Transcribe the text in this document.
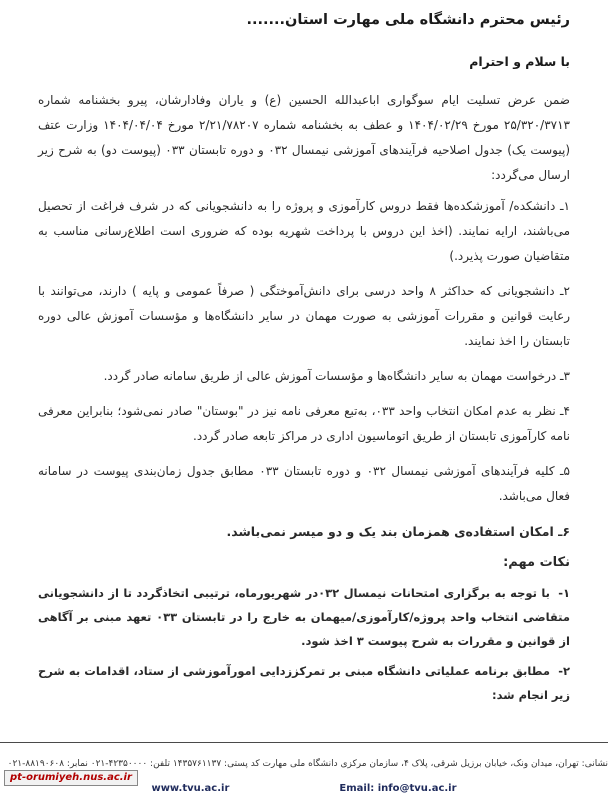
رئیس محترم دانشگاه ملی مهارت استان.......
با سلام و احترام

ضمن عرض تسلیت ایام سوگواری اباعبدالله الحسین (ع) و یاران وفادارشان، پیرو بخشنامه شماره ۲۵/۳۲۰/۳۷۱۳ مورخ ۱۴۰۴/۰۲/۲۹ و عطف به بخشنامه شماره ۲/۲۱/۷۸۲۰۷ مورخ ۱۴۰۴/۰۴/۰۴ وزارت عتف (پیوست یک) جدول اصلاحیه فرآیندهای آموزشی نیمسال ۰۳۲ و دوره تابستان ۰۳۳ (پیوست دو) به شرح زیر ارسال می‌گردد:

۱ـ دانشکده/ آموزشکده‌ها فقط دروس کارآموزی و پروژه را به دانشجویانی که در شرف فراغت از تحصیل می‌باشند، ارایه نمایند. (اخذ این دروس با پرداخت شهریه بوده که ضروری است اطلاع‌رسانی مناسب به متقاضیان صورت پذیرد.)

۲ـ دانشجویانی که حداکثر ۸ واحد درسی برای دانش‌آموختگی ( صرفاً عمومی و پایه ) دارند، می‌توانند با رعایت قوانین و مقررات آموزشی به صورت مهمان در سایر دانشگاه‌ها و مؤسسات آموزش عالی دوره تابستان را اخذ نمایند.

۳ـ درخواست مهمان به سایر دانشگاه‌ها و مؤسسات آموزش عالی از طریق سامانه صادر گردد.

۴ـ نظر به عدم امکان انتخاب واحد ۰۳۳، به‌تبع معرفی نامه نیز در "بوستان" صادر نمی‌شود؛ بنابراین معرفی نامه کارآموزی تابستان از طریق اتوماسیون اداری در مراکز تابعه صادر گردد.

۵ـ کلیه فرآیندهای آموزشی نیمسال ۰۳۲ و دوره تابستان ۰۳۳ مطابق جدول زمان‌بندی پیوست در سامانه فعال می‌باشد.

۶ـ امکان استفاده‌ی همزمان بند یک و دو میسر نمی‌باشد.

نکات مهم:

۱-با توجه به برگزاری امتحانات نیمسال ۰۳۲در شهریورماه، ترتیبی اتخاذگردد تا از دانشجویانی متقاضی انتخاب واحد پروژه/کارآموزی/میهمان به خارج را در تابستان ۰۳۳ تعهد مبنی بر آگاهی از قوانین و مقررات به شرح پیوست ۳ اخذ شود.

۲-مطابق برنامه عملیاتی دانشگاه مبنی بر تمرکززدایی امورآموزشی از ستاد، اقدامات به شرح زیر انجام شد:

نشانی: تهران، میدان ونک، خیابان برزیل شرقی، پلاک ۴، سازمان مرکزی دانشگاه ملی مهارت کد پستی: ۱۴۳۵۷۶۱۱۳۷ تلفن: ۴۲۳۵۰۰۰۰-۰۲۱ نمابر: ۸۸۱۹۰۶۰۸-۰۲۱
www.tvu.ac.ir	Email: info@tvu.ac.ir
pt-orumiyeh.nus.ac.ir
